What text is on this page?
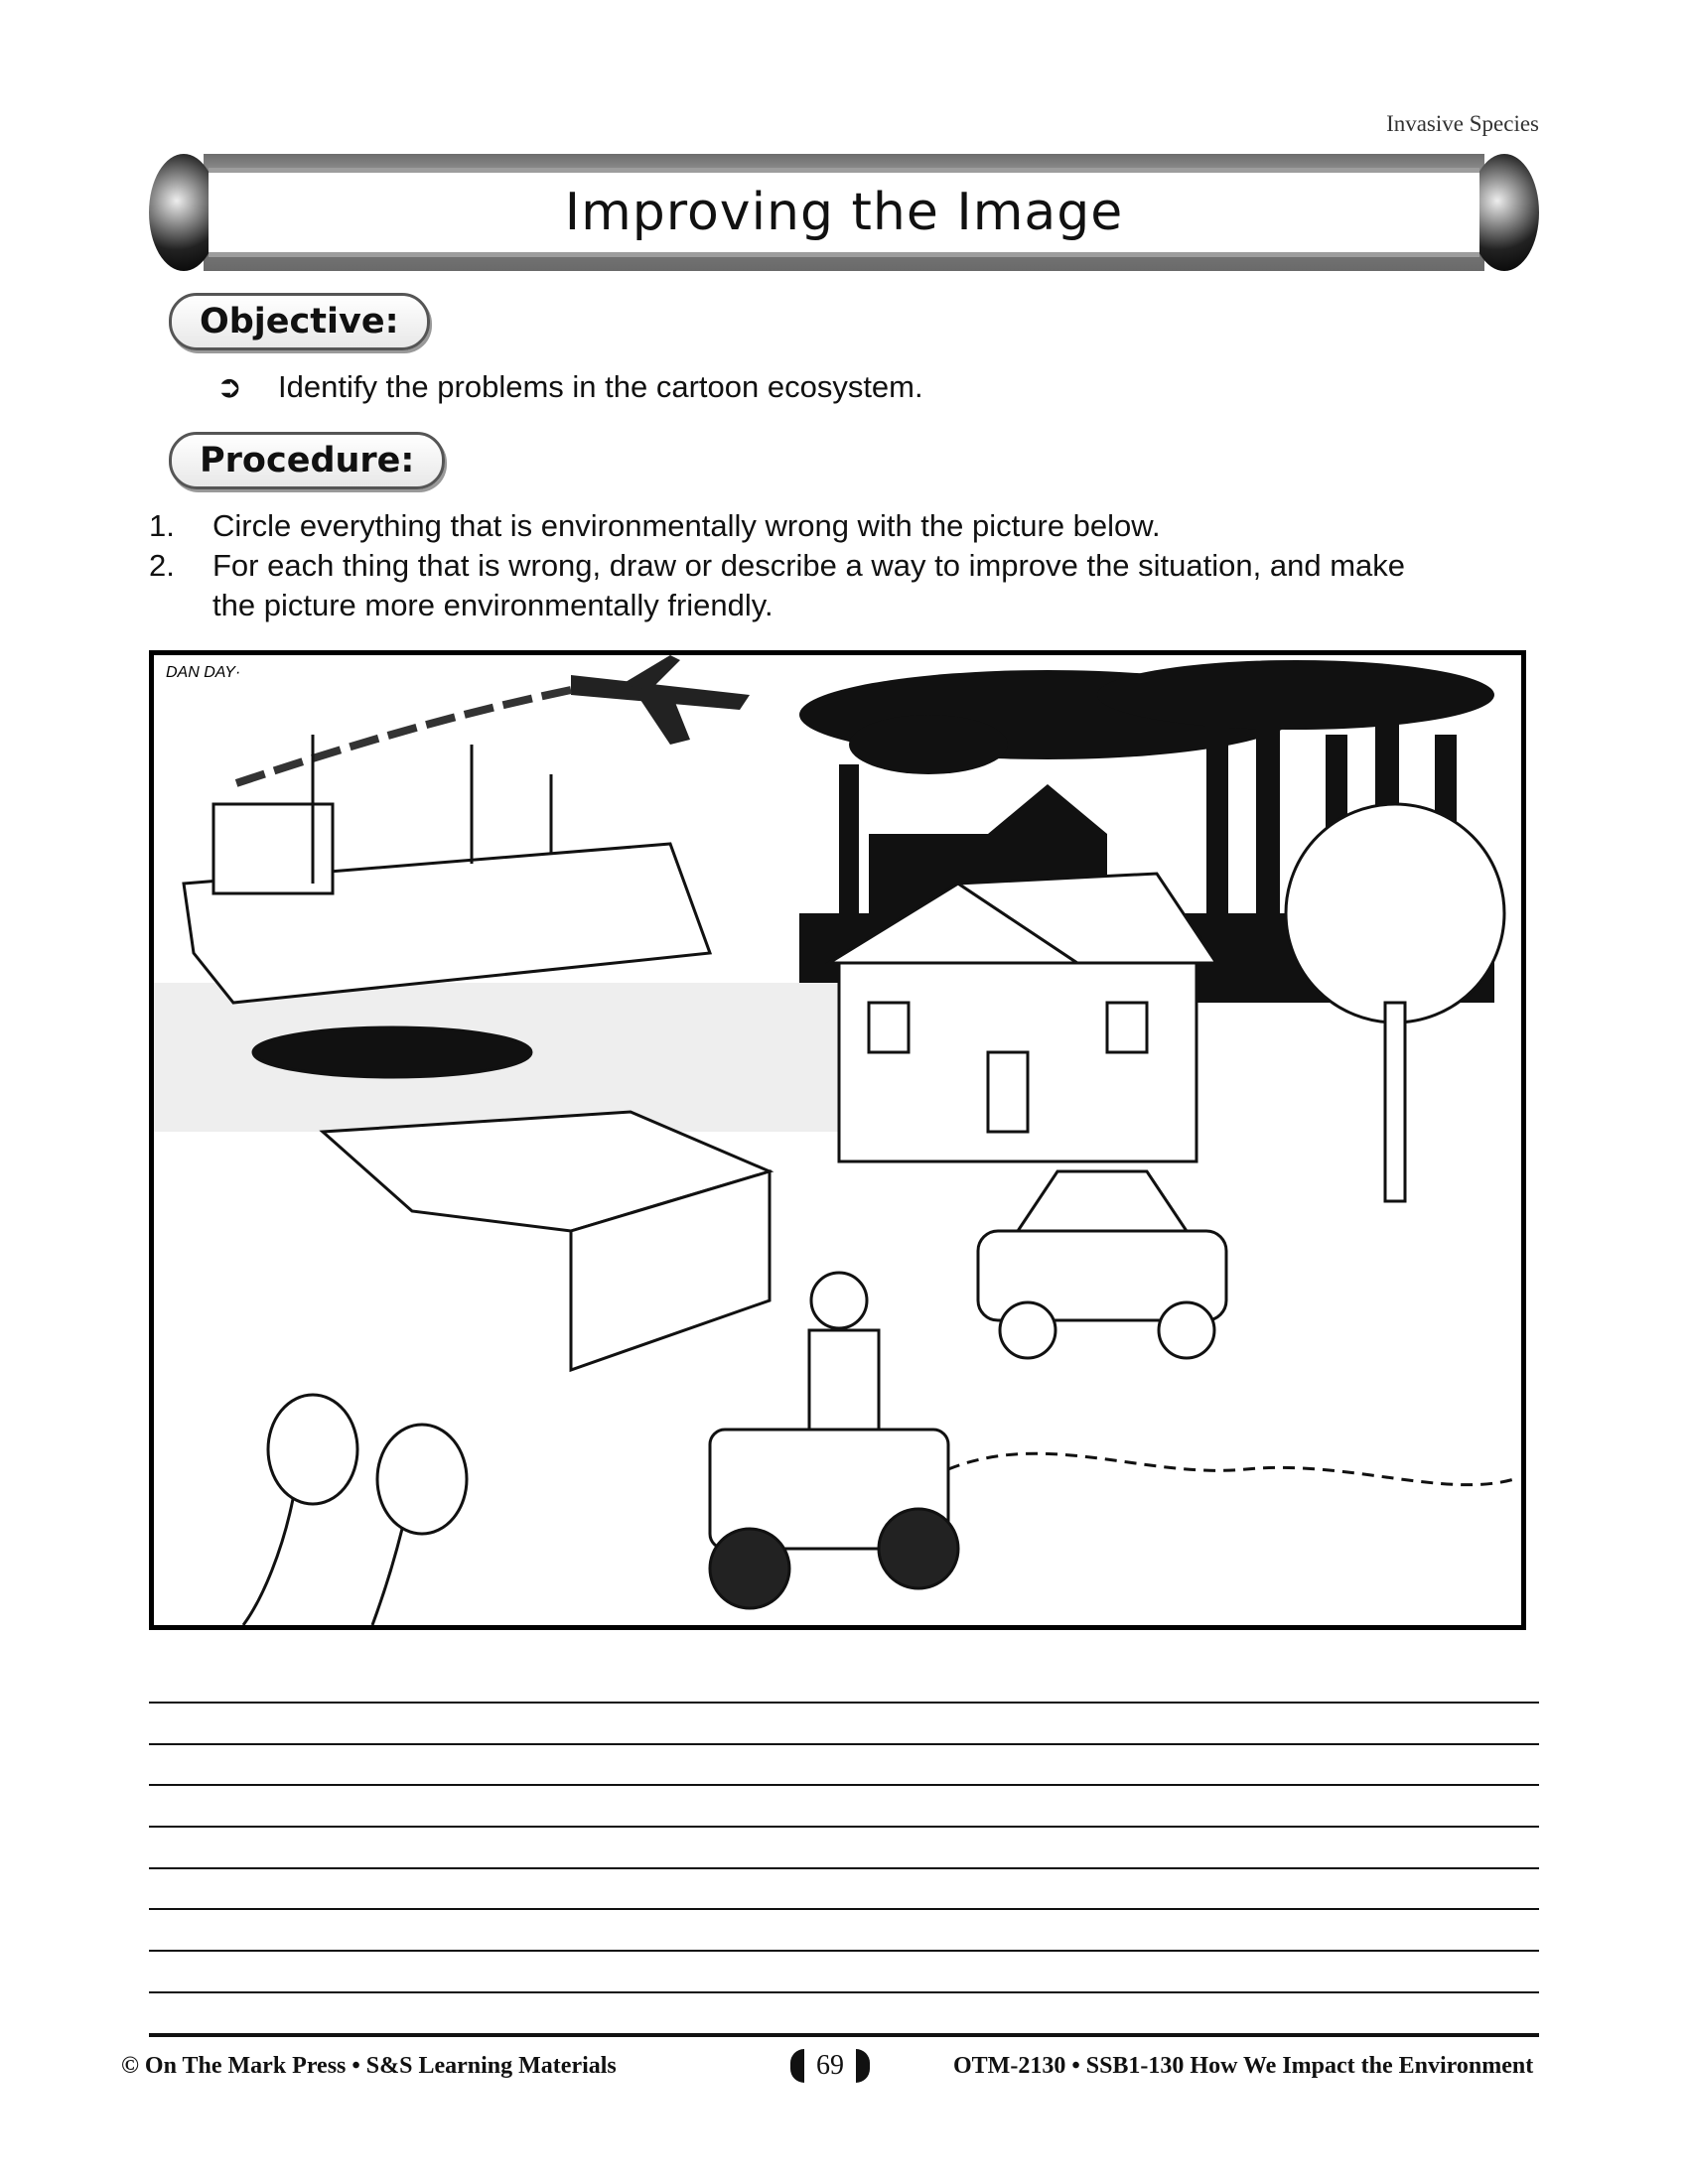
Invasive Species
Improving the Image
Objective:
➲ Identify the problems in the cartoon ecosystem.
Procedure:
1. Circle everything that is environmentally wrong with the picture below.
2. For each thing that is wrong, draw or describe a way to improve the situation, and make
the picture more environmentally friendly.
DAN DAY·
© On The Mark Press • S&S Learning Materials	69	OTM-2130 • SSB1-130 How We Impact the Environment
